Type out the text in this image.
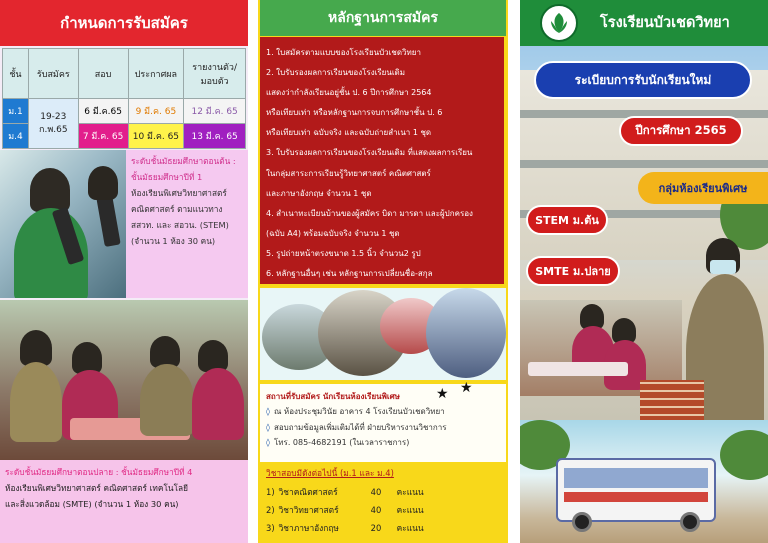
กำหนดการรับสมัคร
ชั้น	รับสมัคร	สอบ	ประกาศผล	รายงานตัว/มอบตัว
ม.1	19-23 ก.พ.65	6 มี.ค.65	9 มี.ค. 65	12 มี.ค. 65
ม.4		7 มี.ค. 65	10 มี.ค. 65	13 มี.ค. 65
ระดับชั้นมัธยมศึกษาตอนต้น :
ชั้นมัธยมศึกษาปีที่ 1
ห้องเรียนพิเศษวิทยาศาสตร์
คณิตศาสตร์ ตามแนวทาง
สสวท. และ สอวน. (STEM)
(จำนวน 1 ห้อง 30 คน)
ระดับชั้นมัธยมศึกษาตอนปลาย : ชั้นมัธยมศึกษาปีที่ 4
ห้องเรียนพิเศษวิทยาศาสตร์ คณิตศาสตร์ เทคโนโลยี
และสิ่งแวดล้อม (SMTE) (จำนวน 1 ห้อง 30 คน)
หลักฐานการสมัคร
1. ใบสมัครตามแบบของโรงเรียนบัวเชดวิทยา
2. ใบรับรองผลการเรียนของโรงเรียนเดิม
แสดงว่ากำลังเรียนอยู่ชั้น ป. 6 ปีการศึกษา 2564
หรือเทียบเท่า หรือหลักฐานการจบการศึกษาชั้น ป. 6
หรือเทียบเท่า ฉบับจริง และฉบับถ่ายสำเนา 1 ชุด
3. ใบรับรองผลการเรียนของโรงเรียนเดิม ที่แสดงผลการเรียน
ในกลุ่มสาระการเรียนรู้วิทยาศาสตร์ คณิตศาสตร์
และภาษาอังกฤษ จำนวน 1 ชุด
4. สำเนาทะเบียนบ้านของผู้สมัคร บิดา มารดา และผู้ปกครอง
(ฉบับ A4) พร้อมฉบับจริง จำนวน 1 ชุด
5. รูปถ่ายหน้าตรงขนาด 1.5 นิ้ว จำนวน2 รูป
6. หลักฐานอื่นๆ เช่น หลักฐานการเปลี่ยนชื่อ-สกุล
สถานที่รับสมัคร นักเรียนห้องเรียนพิเศษ
◊ ณ ห้องประชุมวินัย อาคาร 4 โรงเรียนบัวเชดวิทยา
◊ สอบถามข้อมูลเพิ่มเติมได้ที่ ฝ่ายบริหารงานวิชาการ
◊ โทร. 085-4682191 (ในเวลาราชการ)
★ ★
วิชาสอบมีดังต่อไปนี้ (ม.1 และ ม.4)
1)	วิชาคณิตศาสตร์	40	คะแนน
2)	วิชาวิทยาศาสตร์	40	คะแนน
3)	วิชาภาษาอังกฤษ	20	คะแนน
โรงเรียนบัวเชดวิทยา
ระเบียบการรับนักเรียนใหม่
ปีการศึกษา 2565
กลุ่มห้องเรียนพิเศษ
STEM ม.ต้น
SMTE ม.ปลาย
